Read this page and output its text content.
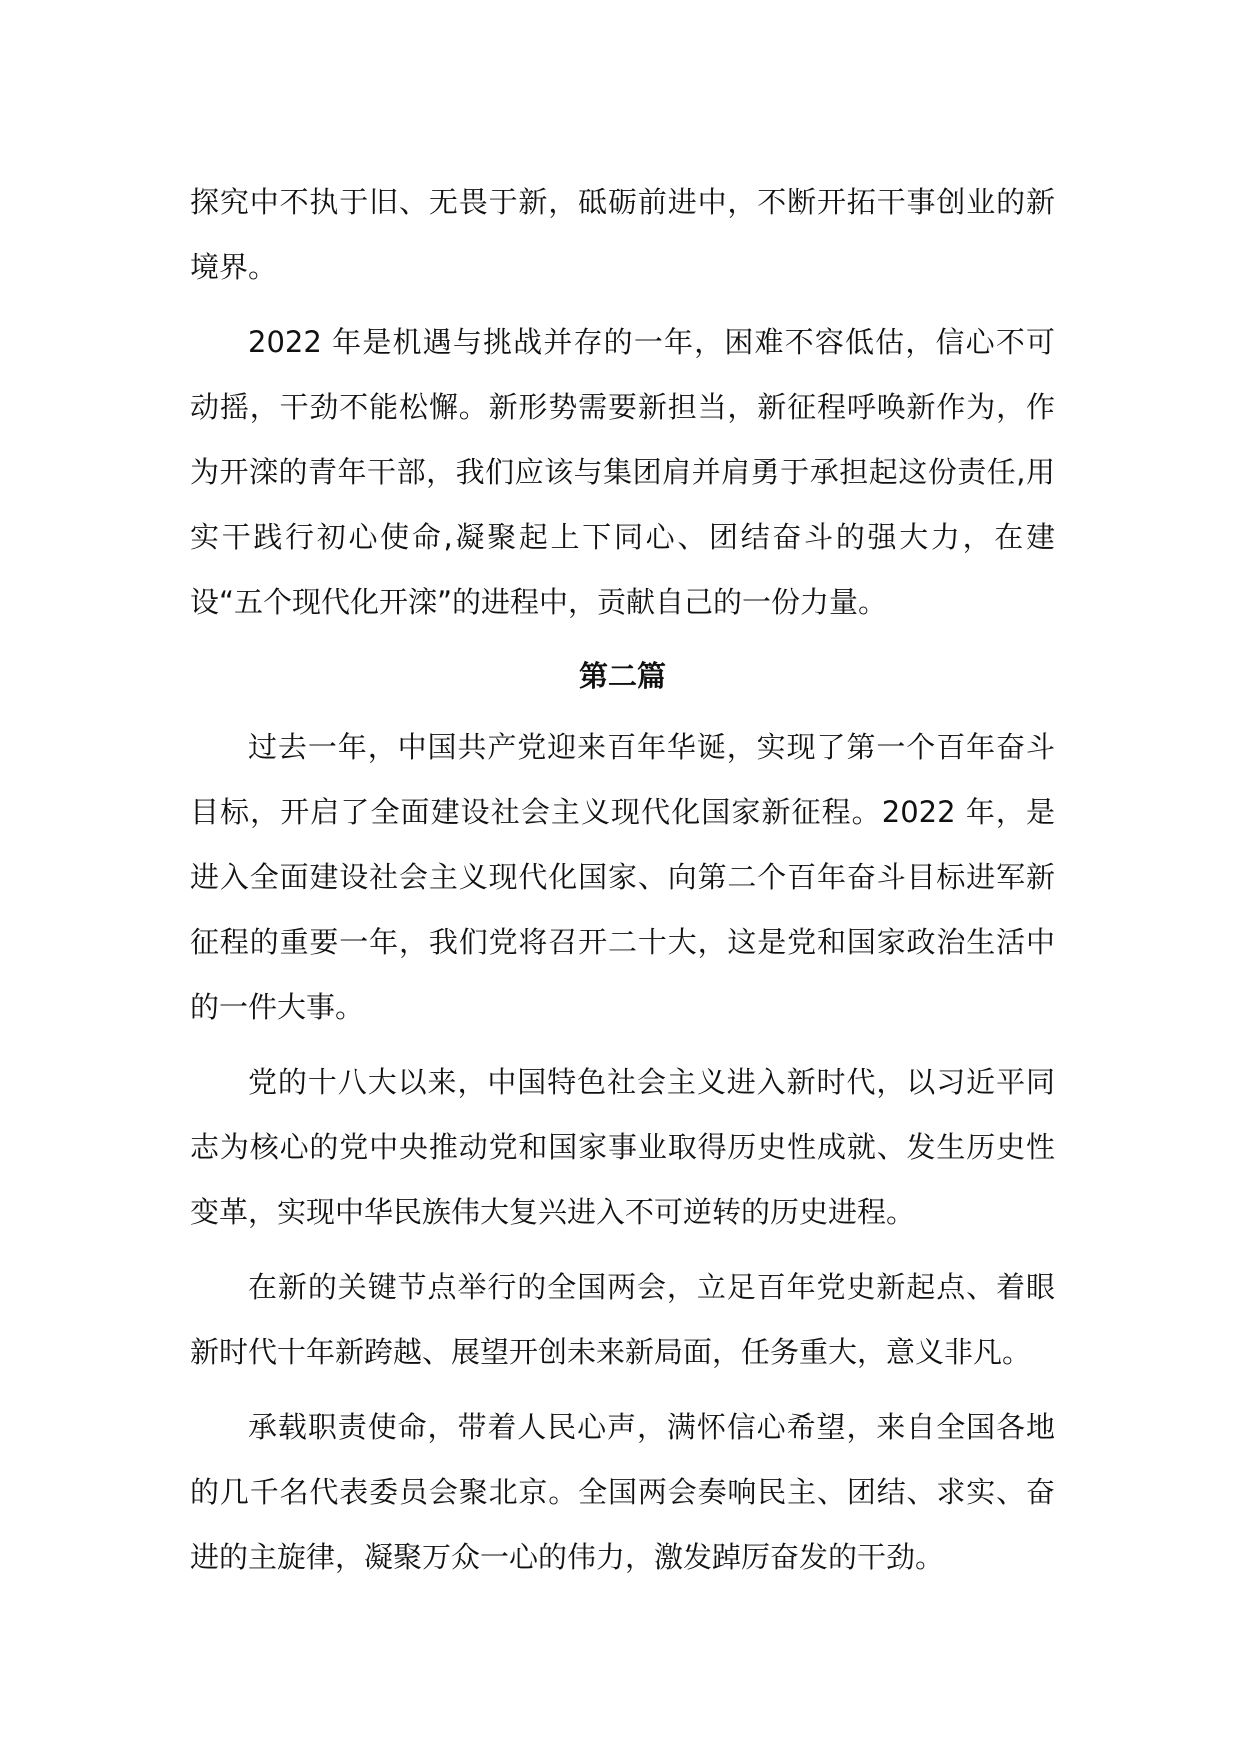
探究中不执于旧、无畏于新，砥砺前进中，不断开拓干事创业的新境界。

2022 年是机遇与挑战并存的一年，困难不容低估，信心不可动摇，干劲不能松懈。新形势需要新担当，新征程呼唤新作为，作为开滦的青年干部，我们应该与集团肩并肩勇于承担起这份责任,用实干践行初心使命,凝聚起上下同心、团结奋斗的强大力，在建设“五个现代化开滦”的进程中，贡献自己的一份力量。

第二篇

过去一年，中国共产党迎来百年华诞，实现了第一个百年奋斗目标，开启了全面建设社会主义现代化国家新征程。2022 年，是进入全面建设社会主义现代化国家、向第二个百年奋斗目标进军新征程的重要一年，我们党将召开二十大，这是党和国家政治生活中的一件大事。

党的十八大以来，中国特色社会主义进入新时代，以习近平同志为核心的党中央推动党和国家事业取得历史性成就、发生历史性变革，实现中华民族伟大复兴进入不可逆转的历史进程。

在新的关键节点举行的全国两会，立足百年党史新起点、着眼新时代十年新跨越、展望开创未来新局面，任务重大，意义非凡。

承载职责使命，带着人民心声，满怀信心希望，来自全国各地的几千名代表委员会聚北京。全国两会奏响民主、团结、求实、奋进的主旋律，凝聚万众一心的伟力，激发踔厉奋发的干劲。
